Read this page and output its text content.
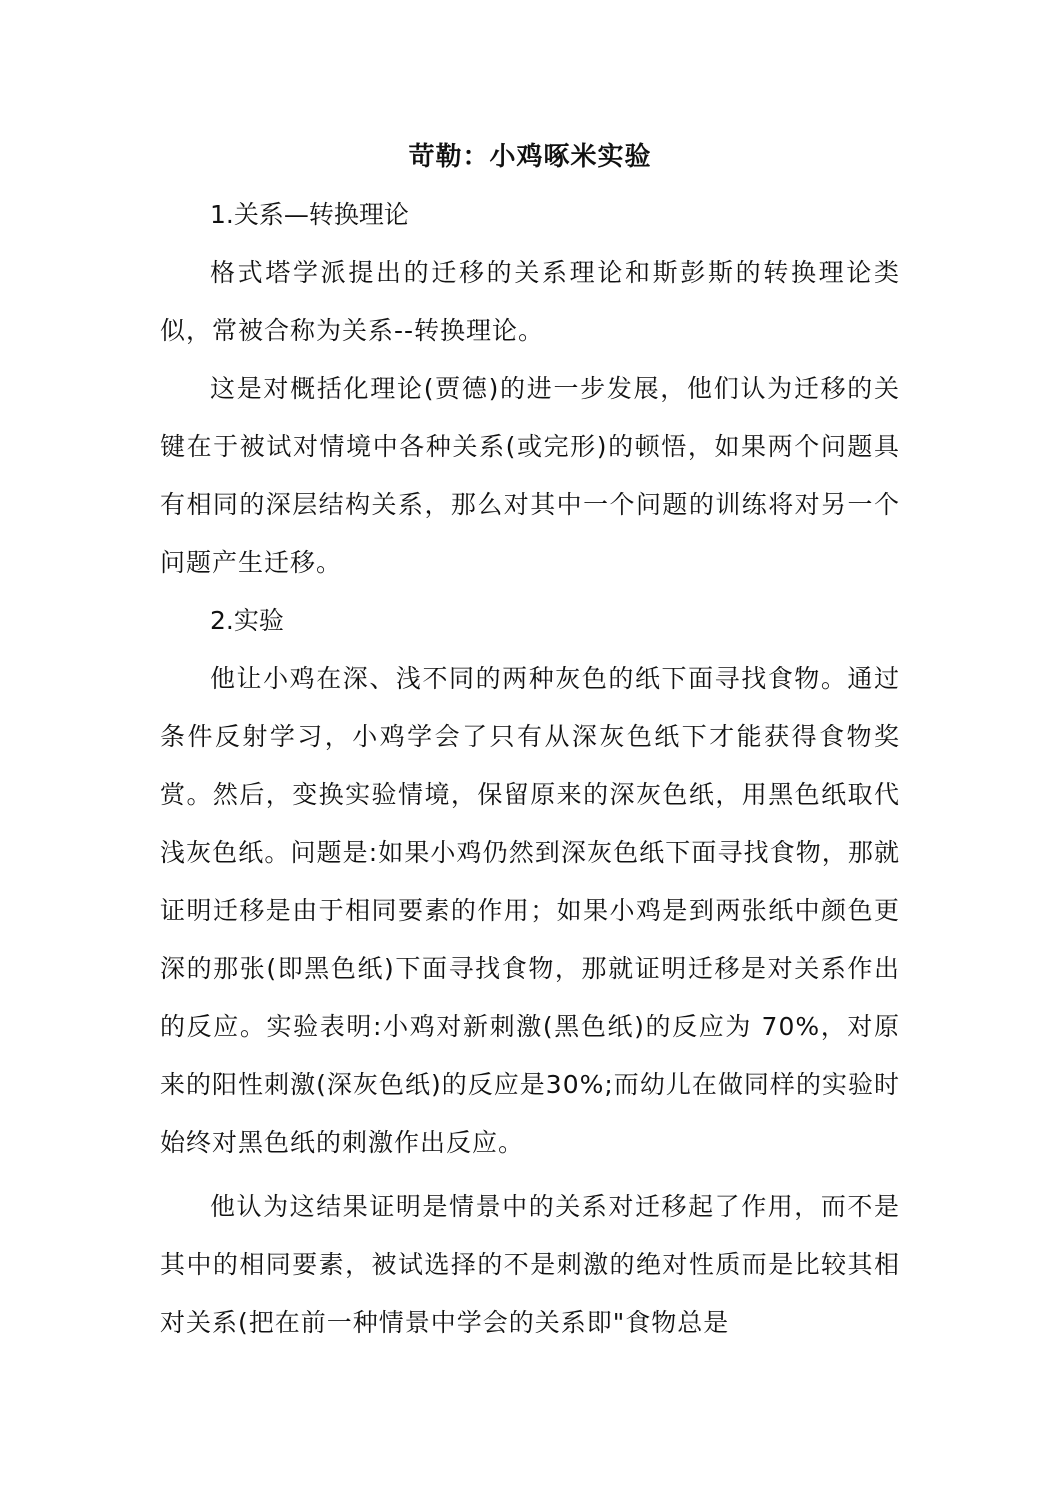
苛勒：小鸡啄米实验

1.关系—转换理论

格式塔学派提出的迁移的关系理论和斯彭斯的转换理论类似，常被合称为关系--转换理论。

这是对概括化理论(贾德)的进一步发展，他们认为迁移的关键在于被试对情境中各种关系(或完形)的顿悟，如果两个问题具有相同的深层结构关系，那么对其中一个问题的训练将对另一个问题产生迁移。

2.实验

他让小鸡在深、浅不同的两种灰色的纸下面寻找食物。通过条件反射学习，小鸡学会了只有从深灰色纸下才能获得食物奖赏。然后，变换实验情境，保留原来的深灰色纸，用黑色纸取代浅灰色纸。问题是:如果小鸡仍然到深灰色纸下面寻找食物，那就证明迁移是由于相同要素的作用；如果小鸡是到两张纸中颜色更深的那张(即黑色纸)下面寻找食物，那就证明迁移是对关系作出的反应。实验表明:小鸡对新刺激(黑色纸)的反应为 70%，对原来的阳性刺激(深灰色纸)的反应是30%;而幼儿在做同样的实验时始终对黑色纸的刺激作出反应。

他认为这结果证明是情景中的关系对迁移起了作用，而不是其中的相同要素，被试选择的不是刺激的绝对性质而是比较其相对关系(把在前一种情景中学会的关系即"食物总是
